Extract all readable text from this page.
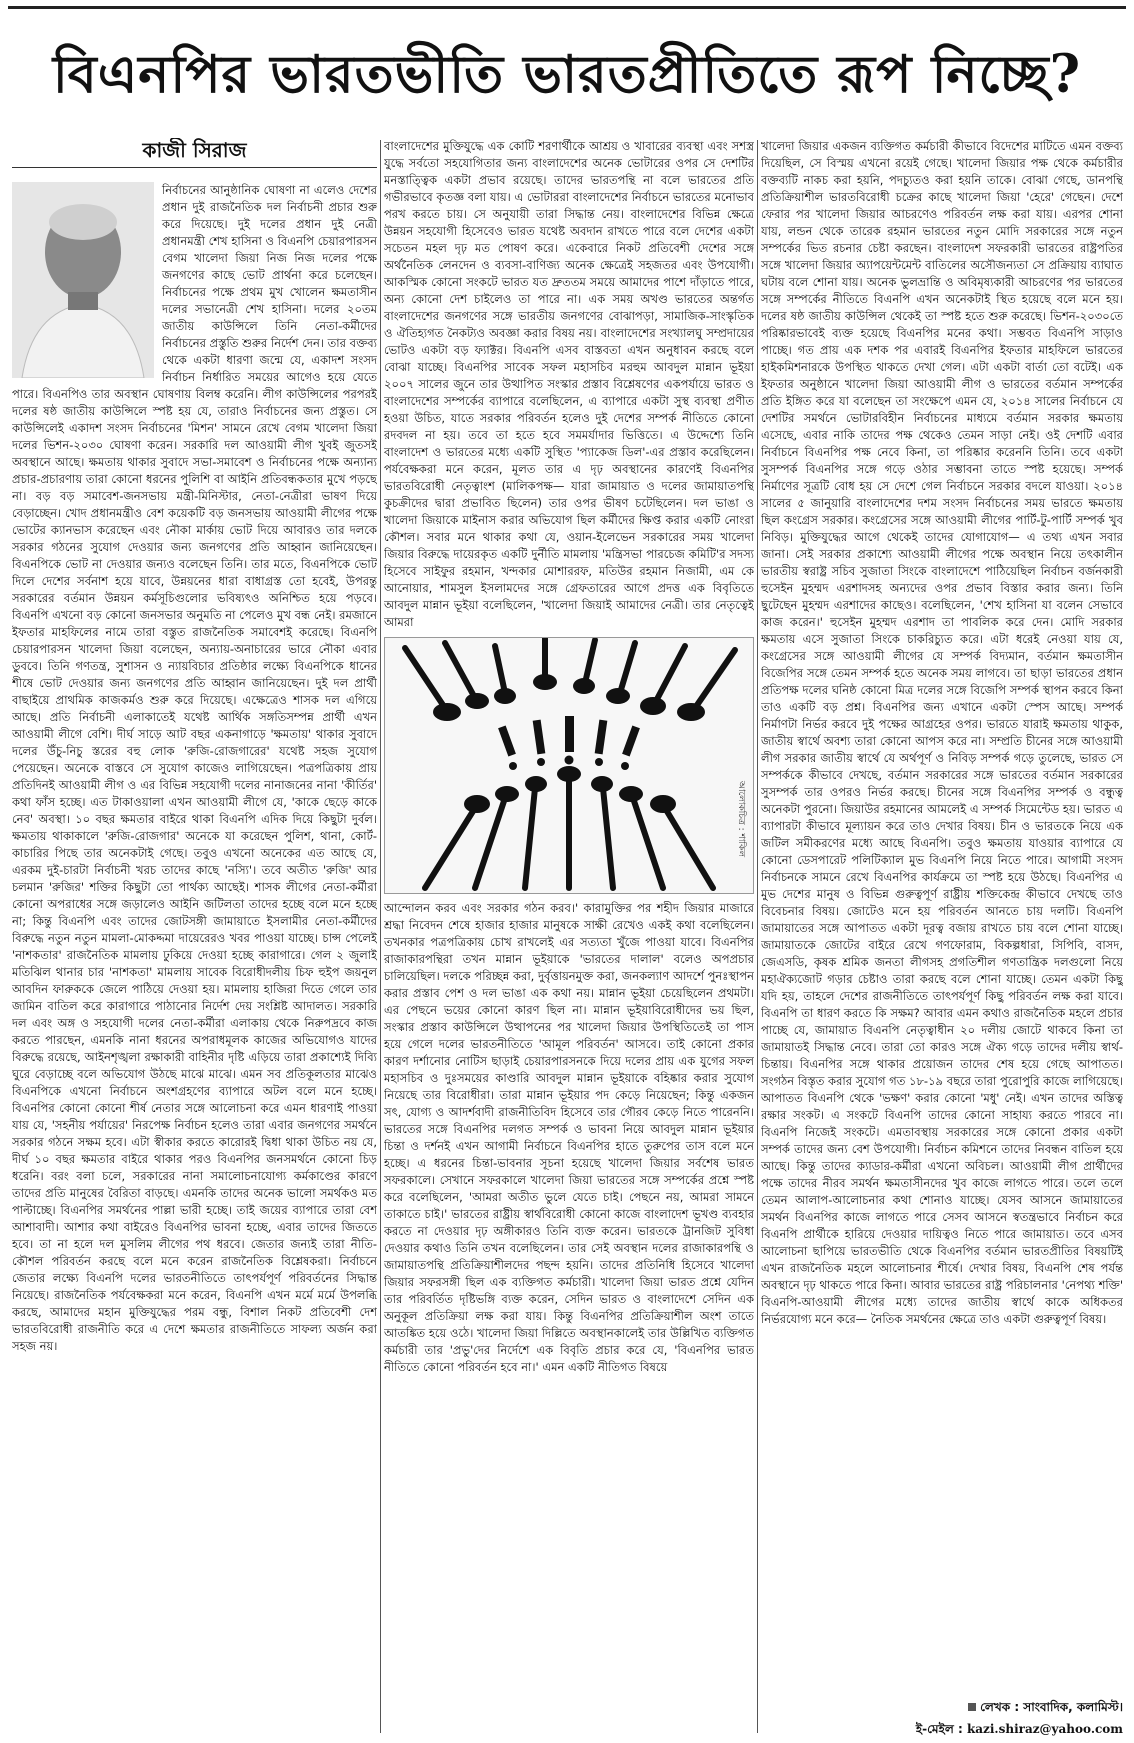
বিএনপির ভারতভীতি ভারতপ্রীতিতে রূপ নিচ্ছে?
কাজী সিরাজ

নির্বাচনের আনুষ্ঠানিক ঘোষণা না এলেও দেশের প্রধান দুই রাজনৈতিক দল নির্বাচনী প্রচার শুরু করে দিয়েছে। দুই দলের প্রধান দুই নেত্রী প্রধানমন্ত্রী শেখ হাসিনা ও বিএনপি চেয়ারপারসন বেগম খালেদা জিয়া নিজ নিজ দলের পক্ষে জনগণের কাছে ভোট প্রার্থনা করে চলেছেন। নির্বাচনের পক্ষে প্রথম মুখ খোলেন ক্ষমতাসীন দলের সভানেত্রী শেখ হাসিনা। দলের ২০তম জাতীয় কাউন্সিলে তিনি নেতা-কর্মীদের নির্বাচনের প্রস্তুতি শুরুর নির্দেশ দেন। তার বক্তব্য থেকে একটা ধারণা জন্মে যে, একাদশ সংসদ নির্বাচন নির্ধারিত সময়ের আগেও হয়ে যেতে পারে। বিএনপিও তার অবস্থান ঘোষণায় বিলম্ব করেনি। লীগ কাউন্সিলের পরপরই দলের ষষ্ঠ জাতীয় কাউন্সিলে স্পষ্ট হয় যে, তারাও নির্বাচনের জন্য প্রস্তুত। সে কাউন্সিলেই একাদশ সংসদ নির্বাচনের 'মিশন' সামনে রেখে বেগম খালেদা জিয়া দলের ভিশন-২০৩০ ঘোষণা করেন। সরকারি দল আওয়ামী লীগ খুবই জুতসই অবস্থানে আছে। ক্ষমতায় থাকার সুবাদে সভা-সমাবেশ ও নির্বাচনের পক্ষে অন্যান্য প্রচার-প্রচারণায় তারা কোনো ধরনের পুলিশি বা আইনি প্রতিবন্ধকতার মুখে পড়ছে না। বড় বড় সমাবেশ-জনসভায় মন্ত্রী-মিনিস্টার, নেতা-নেত্রীরা ভাষণ দিয়ে বেড়াচ্ছেন। খোদ প্রধানমন্ত্রীও বেশ কয়েকটি বড় জনসভায় আওয়ামী লীগের পক্ষে ভোটের ক্যানভাস করেছেন এবং নৌকা মার্কায় ভোট দিয়ে আবারও তার দলকে সরকার গঠনের সুযোগ দেওয়ার জন্য জনগণের প্রতি আহ্বান জানিয়েছেন। বিএনপিকে ভোট না দেওয়ার জন্যও বলেছেন তিনি। তার মতে, বিএনপিকে ভোট দিলে দেশের সর্বনাশ হয়ে যাবে, উন্নয়নের ধারা বাধাগ্রস্ত তো হবেই, উপরন্তু সরকারের বর্তমান উন্নয়ন কর্মসূচিগুলোর ভবিষ্যৎও অনিশ্চিত হয়ে পড়বে। বিএনপি এখনো বড় কোনো জনসভার অনুমতি না পেলেও মুখ বন্ধ নেই। রমজানে ইফতার মাহফিলের নামে তারা বস্তুত রাজনৈতিক সমাবেশই করেছে। বিএনপি চেয়ারপারসন খালেদা জিয়া বলেছেন, অন্যায়-অনাচারের ভারে নৌকা এবার ডুববে। তিনি গণতন্ত্র, সুশাসন ও ন্যায়বিচার প্রতিষ্ঠার লক্ষ্যে বিএনপিকে ধানের শীষে ভোট দেওয়ার জন্য জনগণের প্রতি আহ্বান জানিয়েছেন। দুই দল প্রার্থী বাছাইয়ে প্রাথমিক কাজকর্মও শুরু করে দিয়েছে। এক্ষেত্রেও শাসক দল এগিয়ে আছে। প্রতি নির্বাচনী এলাকাতেই যথেষ্ট আর্থিক সঙ্গতিসম্পন্ন প্রার্থী এখন আওয়ামী লীগে বেশি। দীর্ঘ সাড়ে আট বছর একনাগাড়ে 'ক্ষমতায়' থাকার সুবাদে দলের উঁচু-নিচু স্তরের বহু লোক 'রুজি-রোজগারের' যথেষ্ট সহজ সুযোগ পেয়েছেন। অনেকে বাস্তবে সে সুযোগ কাজেও লাগিয়েছেন। পত্রপত্রিকায় প্রায় প্রতিদিনই আওয়ামী লীগ ও এর বিভিন্ন সহযোগী দলের নানাজনের নানা 'কীর্তির' কথা ফাঁস হচ্ছে। এত টাকাওয়ালা এখন আওয়ামী লীগে যে, 'কাকে ছেড়ে কাকে নেব' অবস্থা। ১০ বছর ক্ষমতার বাইরে থাকা বিএনপি এদিক দিয়ে কিছুটা দুর্বল। ক্ষমতায় থাকাকালে 'রুজি-রোজগার' অনেকে যা করেছেন পুলিশ, থানা, কোর্ট-কাচারির পিছে তার অনেকটাই গেছে। তবুও এখনো অনেকের এত আছে যে, এরকম দুই-চারটা নির্বাচনী খরচ তাদের কাছে 'নস্যি'। তবে অতীত 'রুজি' আর চলমান 'রুজির' শক্তির কিছুটা তো পার্থক্য আছেই। শাসক লীগের নেতা-কর্মীরা কোনো অপরাধের সঙ্গে জড়ালেও আইনি জটিলতা তাদের হচ্ছে বলে মনে হচ্ছে না; কিন্তু বিএনপি এবং তাদের জোটসঙ্গী জামায়াতে ইসলামীর নেতা-কর্মীদের বিরুদ্ধে নতুন নতুন মামলা-মোকদ্দমা দায়েরেরও খবর পাওয়া যাচ্ছে। চান্স পেলেই 'নাশকতার' রাজনৈতিক মামলায় ঢুকিয়ে দেওয়া হচ্ছে কারাগারে। গেল ২ জুলাই মতিঝিল থানার চার 'নাশকতা' মামলায় সাবেক বিরোধীদলীয় চিফ হুইপ জয়নুল আবদিন ফারুককে জেলে পাঠিয়ে দেওয়া হয়। মামলায় হাজিরা দিতে গেলে তার জামিন বাতিল করে কারাগারে পাঠানোর নির্দেশ দেয় সংশ্লিষ্ট আদালত। সরকারি দল এবং অঙ্গ ও সহযোগী দলের নেতা-কর্মীরা এলাকায় থেকে নিরুপদ্রবে কাজ করতে পারছেন, এমনকি নানা ধরনের অপরাধমূলক কাজের অভিযোগও যাদের বিরুদ্ধে রয়েছে, আইনশৃঙ্খলা রক্ষাকারী বাহিনীর দৃষ্টি এড়িয়ে তারা প্রকাশ্যেই দিব্যি ঘুরে বেড়াচ্ছে বলে অভিযোগ উঠছে মাঝে মাঝে। এমন সব প্রতিকূলতার মাঝেও বিএনপিকে এখনো নির্বাচনে অংশগ্রহণের ব্যাপারে অটল বলে মনে হচ্ছে। বিএনপির কোনো কোনো শীর্ষ নেতার সঙ্গে আলোচনা করে এমন ধারণাই পাওয়া যায় যে, 'সহনীয় পর্যায়ের' নিরপেক্ষ নির্বাচন হলেও তারা এবার জনগণের সমর্থনে সরকার গঠনে সক্ষম হবে। এটা স্বীকার করতে কারোরই দ্বিধা থাকা উচিত নয় যে, দীর্ঘ ১০ বছর ক্ষমতার বাইরে থাকার পরও বিএনপির জনসমর্থনে কোনো চিড় ধরেনি। বরং বলা চলে, সরকারের নানা সমালোচনাযোগ্য কর্মকাণ্ডের কারণে তাদের প্রতি মানুষের বৈরিতা বাড়ছে। এমনকি তাদের অনেক ভালো সমর্থকও মত পাল্টাচ্ছে। বিএনপির সমর্থনের পাল্লা ভারী হচ্ছে। তাই জয়ের ব্যাপারে তারা বেশ আশাবাদী। আশার কথা বাইরেও বিএনপির ভাবনা হচ্ছে, এবার তাদের জিততে হবে। তা না হলে দল মুসলিম লীগের পথ ধরবে। জেতার জন্যই তারা নীতি-কৌশল পরিবর্তন করছে বলে মনে করেন রাজনৈতিক বিশ্লেষকরা। নির্বাচনে জেতার লক্ষ্যে বিএনপি দলের ভারতনীতিতে তাৎপর্যপূর্ণ পরিবর্তনের সিদ্ধান্ত নিয়েছে। রাজনৈতিক পর্যবেক্ষকরা মনে করেন, বিএনপি এখন মর্মে মর্মে উপলব্ধি করছে, আমাদের মহান মুক্তিযুদ্ধের পরম বন্ধু, বিশাল নিকট প্রতিবেশী দেশ ভারতবিরোধী রাজনীতি করে এ দেশে ক্ষমতার রাজনীতিতে সাফল্য অর্জন করা সহজ নয়।

বাংলাদেশের মুক্তিযুদ্ধে এক কোটি শরণার্থীকে আশ্রয় ও খাবারের ব্যবস্থা এবং সশস্ত্র যুদ্ধে সর্বতো সহযোগিতার জন্য বাংলাদেশের অনেক ভোটারের ওপর সে দেশটির মনস্তাত্ত্বিক একটা প্রভাব রয়েছে। তাদের ভারতপন্থি না বলে ভারতের প্রতি গভীরভাবে কৃতজ্ঞ বলা যায়। এ ভোটাররা বাংলাদেশের নির্বাচনে ভারতের মনোভাব পরখ করতে চায়। সে অনুযায়ী তারা সিদ্ধান্ত নেয়। বাংলাদেশের বিভিন্ন ক্ষেত্রে উন্নয়ন সহযোগী হিসেবেও ভারত যথেষ্ট অবদান রাখতে পারে বলে দেশের একটা সচেতন মহল দৃঢ় মত পোষণ করে। একেবারে নিকট প্রতিবেশী দেশের সঙ্গে অর্থনৈতিক লেনদেন ও ব্যবসা-বাণিজ্য অনেক ক্ষেত্রেই সহজতর এবং উপযোগী। আকস্মিক কোনো সংকটে ভারত যত দ্রুততম সময়ে আমাদের পাশে দাঁড়াতে পারে, অন্য কোনো দেশ চাইলেও তা পারে না। এক সময় অখণ্ড ভারতের অন্তর্গত বাংলাদেশের জনগণের সঙ্গে ভারতীয় জনগণের বোঝাপড়া, সামাজিক-সাংস্কৃতিক ও ঐতিহ্যগত নৈকট্যও অবজ্ঞা করার বিষয় নয়। বাংলাদেশের সংখ্যালঘু সম্প্রদায়ের ভোটও একটা বড় ফ্যাক্টর। বিএনপি এসব বাস্তবতা এখন অনুধাবন করছে বলে বোঝা যাচ্ছে। বিএনপির সাবেক সফল মহাসচিব মরহুম আবদুল মান্নান ভূইয়া ২০০৭ সালের জুনে তার উত্থাপিত সংস্কার প্রস্তাব বিশ্লেষণের একপর্যায়ে ভারত ও বাংলাদেশের সম্পর্কের ব্যাপারে বলেছিলেন, এ ব্যাপারে একটা সুস্থ ব্যবস্থা প্রণীত হওয়া উচিত, যাতে সরকার পরিবর্তন হলেও দুই দেশের সম্পর্ক নীতিতে কোনো রদবদল না হয়। তবে তা হতে হবে সমমর্যাদার ভিত্তিতে। এ উদ্দেশ্যে তিনি বাংলাদেশ ও ভারতের মধ্যে একটি সুস্থিত 'প্যাকেজ ডিল'-এর প্রস্তাব করেছিলেন। পর্যবেক্ষকরা মনে করেন, মূলত তার এ দৃঢ় অবস্থানের কারণেই বিএনপির ভারতবিরোধী নেতৃত্বাংশ (মালিকপক্ষ— যারা জামায়াত ও দলের জামায়াতপন্থি কুচক্রীদের দ্বারা প্রভাবিত ছিলেন) তার ওপর ভীষণ চটেছিলেন। দল ভাঙা ও খালেদা জিয়াকে মাইনাস করার অভিযোগ ছিল কর্মীদের ক্ষিপ্ত করার একটি নোংরা কৌশল। সবার মনে থাকার কথা যে, ওয়ান-ইলেভেন সরকারের সময় খালেদা জিয়ার বিরুদ্ধে দায়েরকৃত একটি দুর্নীতি মামলায় 'মন্ত্রিসভা পারচেজ কমিটি'র সদস্য হিসেবে সাইফুর রহমান, খন্দকার মোশাররফ, মতিউর রহমান নিজামী, এম কে আনোয়ার, শামসুল ইসলামদের সঙ্গে গ্রেফতারের আগে প্রদত্ত এক বিবৃতিতে আবদুল মান্নান ভূইয়া বলেছিলেন, 'খালেদা জিয়াই আমাদের নেত্রী। তার নেতৃত্বেই আমরা

আলোকচিত্র : শাকিল

আন্দোলন করব এবং সরকার গঠন করব।' কারামুক্তির পর শহীদ জিয়ার মাজারে শ্রদ্ধা নিবেদন শেষে হাজার হাজার মানুষকে সাক্ষী রেখেও একই কথা বলেছিলেন। তখনকার পত্রপত্রিকায় চোখ রাখলেই এর সত্যতা খুঁজে পাওয়া যাবে। বিএনপির রাজাকারপন্থিরা তখন মান্নান ভূইয়াকে 'ভারতের দালাল' বলেও অপপ্রচার চালিয়েছিল। দলকে পরিচ্ছন্ন করা, দুর্বৃত্তায়নমুক্ত করা, জনকল্যাণ আদর্শে পুনঃস্থাপন করার প্রস্তাব পেশ ও দল ভাঙা এক কথা নয়। মান্নান ভূইয়া চেয়েছিলেন প্রথমটা। এর পেছনে ভয়ের কোনো কারণ ছিল না। মান্নান ভূইয়াবিরোধীদের ভয় ছিল, সংস্কার প্রস্তাব কাউন্সিলে উত্থাপনের পর খালেদা জিয়ার উপস্থিতিতেই তা পাস হয়ে গেলে দলের ভারতনীতিতে 'আমূল পরিবর্তন' আসবে। তাই কোনো প্রকার কারণ দর্শানোর নোটিস ছাড়াই চেয়ারপারসনকে দিয়ে দলের প্রায় এক যুগের সফল মহাসচিব ও দুঃসময়ের কাণ্ডারি আবদুল মান্নান ভূইয়াকে বহিষ্কার করার সুযোগ নিয়েছে তার বিরোধীরা। তারা মান্নান ভূইয়ার পদ কেড়ে নিয়েছেন; কিন্তু একজন সৎ, যোগ্য ও আদর্শবাদী রাজনীতিবিদ হিসেবে তার গৌরব কেড়ে নিতে পারেননি। ভারতের সঙ্গে বিএনপির দলগত সম্পর্ক ও ভাবনা নিয়ে আবদুল মান্নান ভূইয়ার চিন্তা ও দর্শনই এখন আগামী নির্বাচনে বিএনপির হাতে তুরুপের তাস বলে মনে হচ্ছে। এ ধরনের চিন্তা-ভাবনার সূচনা হয়েছে খালেদা জিয়ার সর্বশেষ ভারত সফরকালে। সেখানে সফরকালে খালেদা জিয়া ভারতের সঙ্গে সম্পর্কের প্রশ্নে স্পষ্ট করে বলেছিলেন, 'আমরা অতীত ভুলে যেতে চাই। পেছনে নয়, আমরা সামনে তাকাতে চাই।' ভারতের রাষ্ট্রীয় স্বার্থবিরোধী কোনো কাজে বাংলাদেশ ভূখণ্ড ব্যবহার করতে না দেওয়ার দৃঢ় অঙ্গীকারও তিনি ব্যক্ত করেন। ভারতকে ট্রানজিট সুবিধা দেওয়ার কথাও তিনি তখন বলেছিলেন। তার সেই অবস্থান দলের রাজাকারপন্থি ও জামায়াতপন্থি প্রতিক্রিয়াশীলদের পছন্দ হয়নি। তাদের প্রতিনিধি হিসেবে খালেদা জিয়ার সফরসঙ্গী ছিল এক ব্যক্তিগত কর্মচারী। খালেদা জিয়া ভারত প্রশ্নে যেদিন তার পরিবর্তিত দৃষ্টিভঙ্গি ব্যক্ত করেন, সেদিন ভারত ও বাংলাদেশে সেদিন এক অনুকূল প্রতিক্রিয়া লক্ষ করা যায়। কিন্তু বিএনপির প্রতিক্রিয়াশীল অংশ তাতে আতঙ্কিত হয়ে ওঠে। খালেদা জিয়া দিল্লিতে অবস্থানকালেই তার উল্লিখিত ব্যক্তিগত কর্মচারী তার 'প্রভু'দের নির্দেশে এক বিবৃতি প্রচার করে যে, 'বিএনপির ভারত নীতিতে কোনো পরিবর্তন হবে না।' এমন একটি নীতিগত বিষয়ে

খালেদা জিয়ার একজন ব্যক্তিগত কর্মচারী কীভাবে বিদেশের মাটিতে এমন বক্তব্য দিয়েছিল, সে বিস্ময় এখনো রয়েই গেছে। খালেদা জিয়ার পক্ষ থেকে কর্মচারীর বক্তব্যটি নাকচ করা হয়নি, পদচ্যুতও করা হয়নি তাকে। বোঝা গেছে, ডানপন্থি প্রতিক্রিয়াশীল ভারতবিরোধী চক্রের কাছে খালেদা জিয়া 'হেরে' গেছেন। দেশে ফেরার পর খালেদা জিয়ার আচরণেও পরিবর্তন লক্ষ করা যায়। এরপর শোনা যায়, লন্ডন থেকে তারেক রহমান ভারতের নতুন মোদি সরকারের সঙ্গে নতুন সম্পর্কের ভিত রচনার চেষ্টা করছেন। বাংলাদেশ সফরকারী ভারতের রাষ্ট্রপতির সঙ্গে খালেদা জিয়ার অ্যাপয়েন্টমেন্ট বাতিলের অসৌজন্যতা সে প্রক্রিয়ায় ব্যাঘাত ঘটায় বলে শোনা যায়। অনেক ভুলভ্রান্তি ও অবিমৃষ্যকারী আচরণের পর ভারতের সঙ্গে সম্পর্কের নীতিতে বিএনপি এখন অনেকটাই স্থিত হয়েছে বলে মনে হয়। দলের ষষ্ঠ জাতীয় কাউন্সিল থেকেই তা স্পষ্ট হতে শুরু করেছে। ভিশন-২০৩০তে পরিষ্কারভাবেই ব্যক্ত হয়েছে বিএনপির মনের কথা। সম্ভবত বিএনপি সাড়াও পাচ্ছে। গত প্রায় এক দশক পর এবারই বিএনপির ইফতার মাহফিলে ভারতের হাইকমিশনারকে উপস্থিত থাকতে দেখা গেল। এটা একটা বার্তা তো বটেই। এক ইফতার অনুষ্ঠানে খালেদা জিয়া আওয়ামী লীগ ও ভারতের বর্তমান সম্পর্কের প্রতি ইঙ্গিত করে যা বলেছেন তা সংক্ষেপে এমন যে, ২০১৪ সালের নির্বাচনে যে দেশটির সমর্থনে ভোটারবিহীন নির্বাচনের মাধ্যমে বর্তমান সরকার ক্ষমতায় এসেছে, এবার নাকি তাদের পক্ষ থেকেও তেমন সাড়া নেই। ওই দেশটি এবার নির্বাচনে বিএনপির পক্ষ নেবে কিনা, তা পরিষ্কার করেননি তিনি। তবে একটা সুসম্পর্ক বিএনপির সঙ্গে গড়ে ওঠার সম্ভাবনা তাতে স্পষ্ট হয়েছে। সম্পর্ক নির্মাণের সূত্রটি বোধ হয় সে দেশে গেল নির্বাচনে সরকার বদলে যাওয়া। ২০১৪ সালের ৫ জানুয়ারি বাংলাদেশের দশম সংসদ নির্বাচনের সময় ভারতে ক্ষমতায় ছিল কংগ্রেস সরকার। কংগ্রেসের সঙ্গে আওয়ামী লীগের পার্টি-টু-পার্টি সম্পর্ক খুব নিবিড়। মুক্তিযুদ্ধের আগে থেকেই তাদের যোগাযোগ— এ তথ্য এখন সবার জানা। সেই সরকার প্রকাশ্যে আওয়ামী লীগের পক্ষে অবস্থান নিয়ে তৎকালীন ভারতীয় স্বরাষ্ট্র সচিব সুজাতা সিংকে বাংলাদেশে পাঠিয়েছিল নির্বাচন বর্জনকারী হুসেইন মুহম্মদ এরশাদসহ অন্যদের ওপর প্রভাব বিস্তার করার জন্য। তিনি ছুটেছেন মুহম্মদ এরশাদের কাছেও। বলেছিলেন, 'শেখ হাসিনা যা বলেন সেভাবে কাজ করেন।' হুসেইন মুহম্মদ এরশাদ তা পাবলিক করে দেন। মোদি সরকার ক্ষমতায় এসে সুজাতা সিংকে চাকরিচ্যুত করে। এটা ধরেই নেওয়া যায় যে, কংগ্রেসের সঙ্গে আওয়ামী লীগের যে সম্পর্ক বিদ্যমান, বর্তমান ক্ষমতাসীন বিজেপির সঙ্গে তেমন সম্পর্ক হতে অনেক সময় লাগবে। তা ছাড়া ভারতের প্রধান প্রতিপক্ষ দলের ঘনিষ্ঠ কোনো মিত্র দলের সঙ্গে বিজেপি সম্পর্ক স্থাপন করবে কিনা তাও একটি বড় প্রশ্ন। বিএনপির জন্য এখানে একটা স্পেস আছে। সম্পর্ক নির্মাণটা নির্ভর করবে দুই পক্ষের আগ্রহের ওপর। ভারতে যারাই ক্ষমতায় থাকুক, জাতীয় স্বার্থে অবশ্য তারা কোনো আপস করে না। সম্প্রতি চীনের সঙ্গে আওয়ামী লীগ সরকার জাতীয় স্বার্থে যে অর্থপূর্ণ ও নিবিড় সম্পর্ক গড়ে তুলেছে, ভারত সে সম্পর্ককে কীভাবে দেখছে, বর্তমান সরকারের সঙ্গে ভারতের বর্তমান সরকারের সুসম্পর্ক তার ওপরও নির্ভর করছে। চীনের সঙ্গে বিএনপির সম্পর্ক ও বন্ধুত্ব অনেকটা পুরনো। জিয়াউর রহমানের আমলেই এ সম্পর্ক সিমেন্টেড হয়। ভারত এ ব্যাপারটা কীভাবে মূল্যায়ন করে তাও দেখার বিষয়। চীন ও ভারতকে নিয়ে এক জটিল সমীকরণের মধ্যে আছে বিএনপি। তবুও ক্ষমতায় যাওয়ার ব্যাপারে যে কোনো ডেসপারেট পলিটিক্যাল মুভ বিএনপি নিয়ে নিতে পারে। আগামী সংসদ নির্বাচনকে সামনে রেখে বিএনপির কার্যক্রমে তা স্পষ্ট হয়ে উঠছে। বিএনপির এ মুভ দেশের মানুষ ও বিভিন্ন গুরুত্বপূর্ণ রাষ্ট্রীয় শক্তিকেন্দ্র কীভাবে দেখছে তাও বিবেচনার বিষয়। জোটেও মনে হয় পরিবর্তন আনতে চায় দলটি। বিএনপি জামায়াতের সঙ্গে আপাতত একটা দূরত্ব বজায় রাখতে চায় বলে শোনা যাচ্ছে। জামায়াতকে জোটের বাইরে রেখে গণফোরাম, বিকল্পধারা, সিপিবি, বাসদ, জেএসডি, কৃষক শ্রমিক জনতা লীগসহ প্রগতিশীল গণতান্ত্রিক দলগুলো নিয়ে মহাঐক্যজোট গড়ার চেষ্টাও তারা করছে বলে শোনা যাচ্ছে। তেমন একটা কিছু যদি হয়, তাহলে দেশের রাজনীতিতে তাৎপর্যপূর্ণ কিছু পরিবর্তন লক্ষ করা যাবে। বিএনপি তা ধারণ করতে কি সক্ষম? আবার এমন কথাও রাজনৈতিক মহলে প্রচার পাচ্ছে যে, জামায়াত বিএনপি নেতৃত্বাধীন ২০ দলীয় জোটে থাকবে কিনা তা জামায়াতই সিদ্ধান্ত নেবে। তারা তো কারও সঙ্গে ঐক্য গড়ে তাদের দলীয় স্বার্থ-চিন্তায়। বিএনপির সঙ্গে থাকার প্রয়োজন তাদের শেষ হয়ে গেছে আপাতত। সংগঠন বিস্তৃত করার সুযোগ গত ১৮-১৯ বছরে তারা পুরোপুরি কাজে লাগিয়েছে। আপাতত বিএনপি থেকে 'ভক্ষণ' করার কোনো 'মধু' নেই। এখন তাদের অস্তিত্ব রক্ষার সংকট। এ সংকটে বিএনপি তাদের কোনো সাহায্য করতে পারবে না। বিএনপি নিজেই সংকটে। এমতাবস্থায় সরকারের সঙ্গে কোনো প্রকার একটা সম্পর্ক তাদের জন্য বেশ উপযোগী। নির্বাচন কমিশনে তাদের নিবন্ধন বাতিল হয়ে আছে। কিন্তু তাদের ক্যাডার-কর্মীরা এখনো অবিচল। আওয়ামী লীগ প্রার্থীদের পক্ষে তাদের নীরব সমর্থন ক্ষমতাসীনদের খুব কাজে লাগতে পারে। তলে তলে তেমন আলাপ-আলোচনার কথা শোনাও যাচ্ছে। যেসব আসনে জামায়াতের সমর্থন বিএনপির কাজে লাগতে পারে সেসব আসনে স্বতন্ত্রভাবে নির্বাচন করে বিএনপি প্রার্থীকে হারিয়ে দেওয়ার দায়িত্বও নিতে পারে জামায়াত। তবে এসব আলোচনা ছাপিয়ে ভারতভীতি থেকে বিএনপির বর্তমান ভারতপ্রীতির বিষয়টিই এখন রাজনৈতিক মহলে আলোচনার শীর্ষে। দেখার বিষয়, বিএনপি শেষ পর্যন্ত অবস্থানে দৃঢ় থাকতে পারে কিনা। আবার ভারতের রাষ্ট্র পরিচালনার 'নেপথ্য শক্তি' বিএনপি-আওয়ামী লীগের মধ্যে তাদের জাতীয় স্বার্থে কাকে অধিকতর নির্ভরযোগ্য মনে করে— নৈতিক সমর্থনের ক্ষেত্রে তাও একটা গুরুত্বপূর্ণ বিষয়।

লেখক : সাংবাদিক, কলামিস্ট।
ই-মেইল : kazi.shiraz@yahoo.com
